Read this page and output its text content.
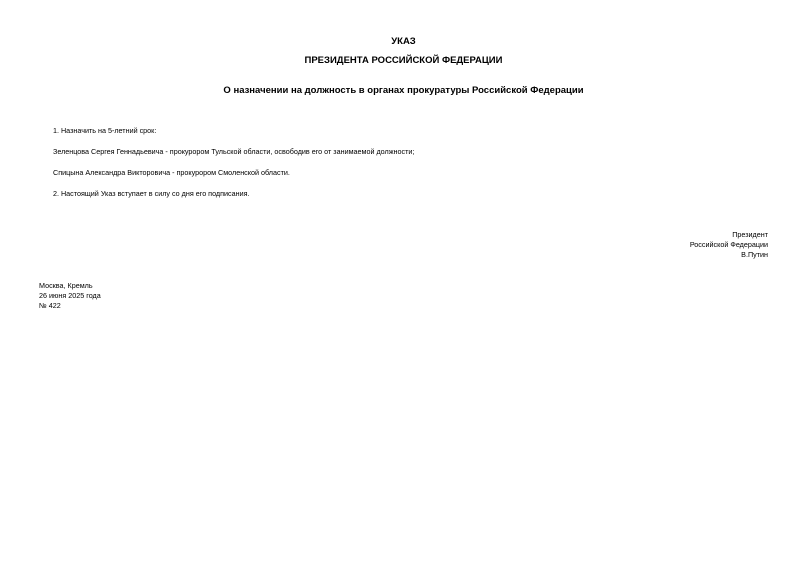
УКАЗ
ПРЕЗИДЕНТА РОССИЙСКОЙ ФЕДЕРАЦИИ
О назначении на должность в органах прокуратуры Российской Федерации
1. Назначить на 5-летний срок:
Зеленцова Сергея Геннадьевича - прокурором Тульской области, освободив его от занимаемой должности;
Спицына Александра Викторовича - прокурором Смоленской области.
2. Настоящий Указ вступает в силу со дня его подписания.
Президент
Российской Федерации
В.Путин
Москва, Кремль
26 июня 2025 года
№ 422
